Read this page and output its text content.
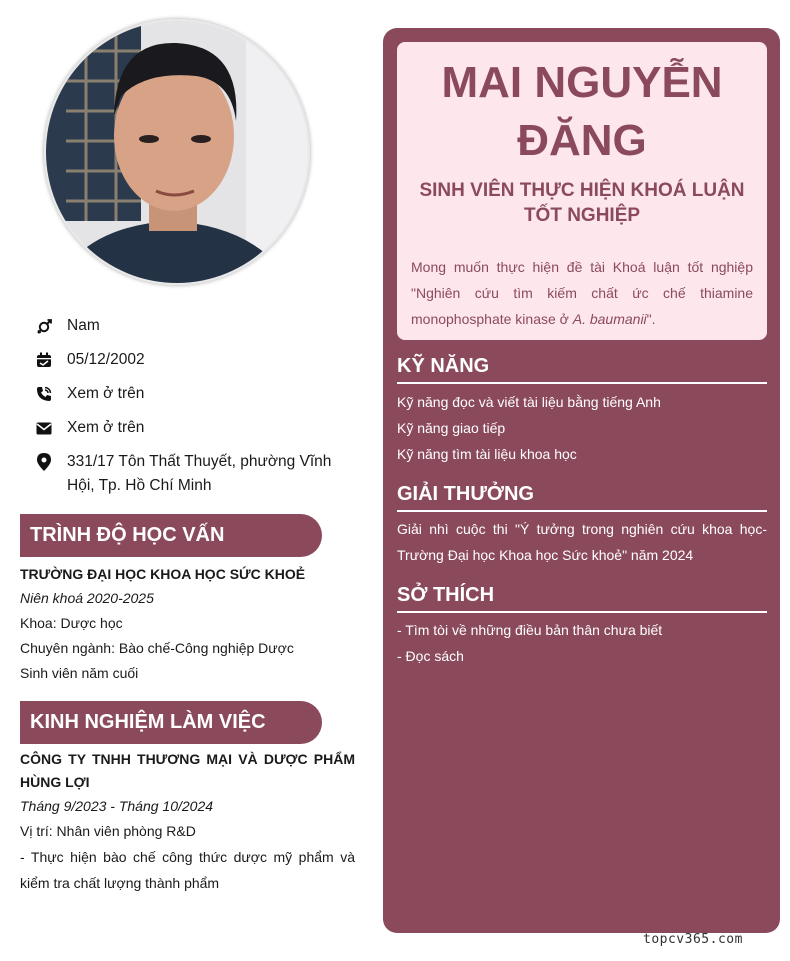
Nam
05/12/2002
Xem ở trên
Xem ở trên
331/17 Tôn Thất Thuyết, phường Vĩnh Hội, Tp. Hồ Chí Minh
TRÌNH ĐỘ HỌC VẤN
TRƯỜNG ĐẠI HỌC KHOA HỌC SỨC KHOẺ
Niên khoá 2020-2025
Khoa: Dược học
Chuyên ngành: Bào chế-Công nghiệp Dược
Sinh viên năm cuối
KINH NGHIỆM LÀM VIỆC
CÔNG TY TNHH THƯƠNG MẠI VÀ DƯỢC PHẨM HÙNG LỢI
Tháng 9/2023 - Tháng 10/2024
Vị trí: Nhân viên phòng R&D
- Thực hiện bào chế công thức dược mỹ phẩm và kiểm tra chất lượng thành phẩm
MAI NGUYỄN
ĐĂNG
SINH VIÊN THỰC HIỆN KHOÁ LUẬN TỐT NGHIỆP
Mong muốn thực hiện đề tài Khoá luận tốt nghiệp "Nghiên cứu tìm kiếm chất ức chế thiamine monophosphate kinase ở A. baumanii".
KỸ NĂNG
Kỹ năng đọc và viết tài liệu bằng tiếng Anh
Kỹ năng giao tiếp
Kỹ năng tìm tài liệu khoa học
GIẢI THƯỞNG
Giải nhì cuộc thi "Ý tưởng trong nghiên cứu khoa học-Trường Đại học Khoa học Sức khoẻ" năm 2024
SỞ THÍCH
- Tìm tòi về những điều bản thân chưa biết
- Đọc sách
topcv365.com
